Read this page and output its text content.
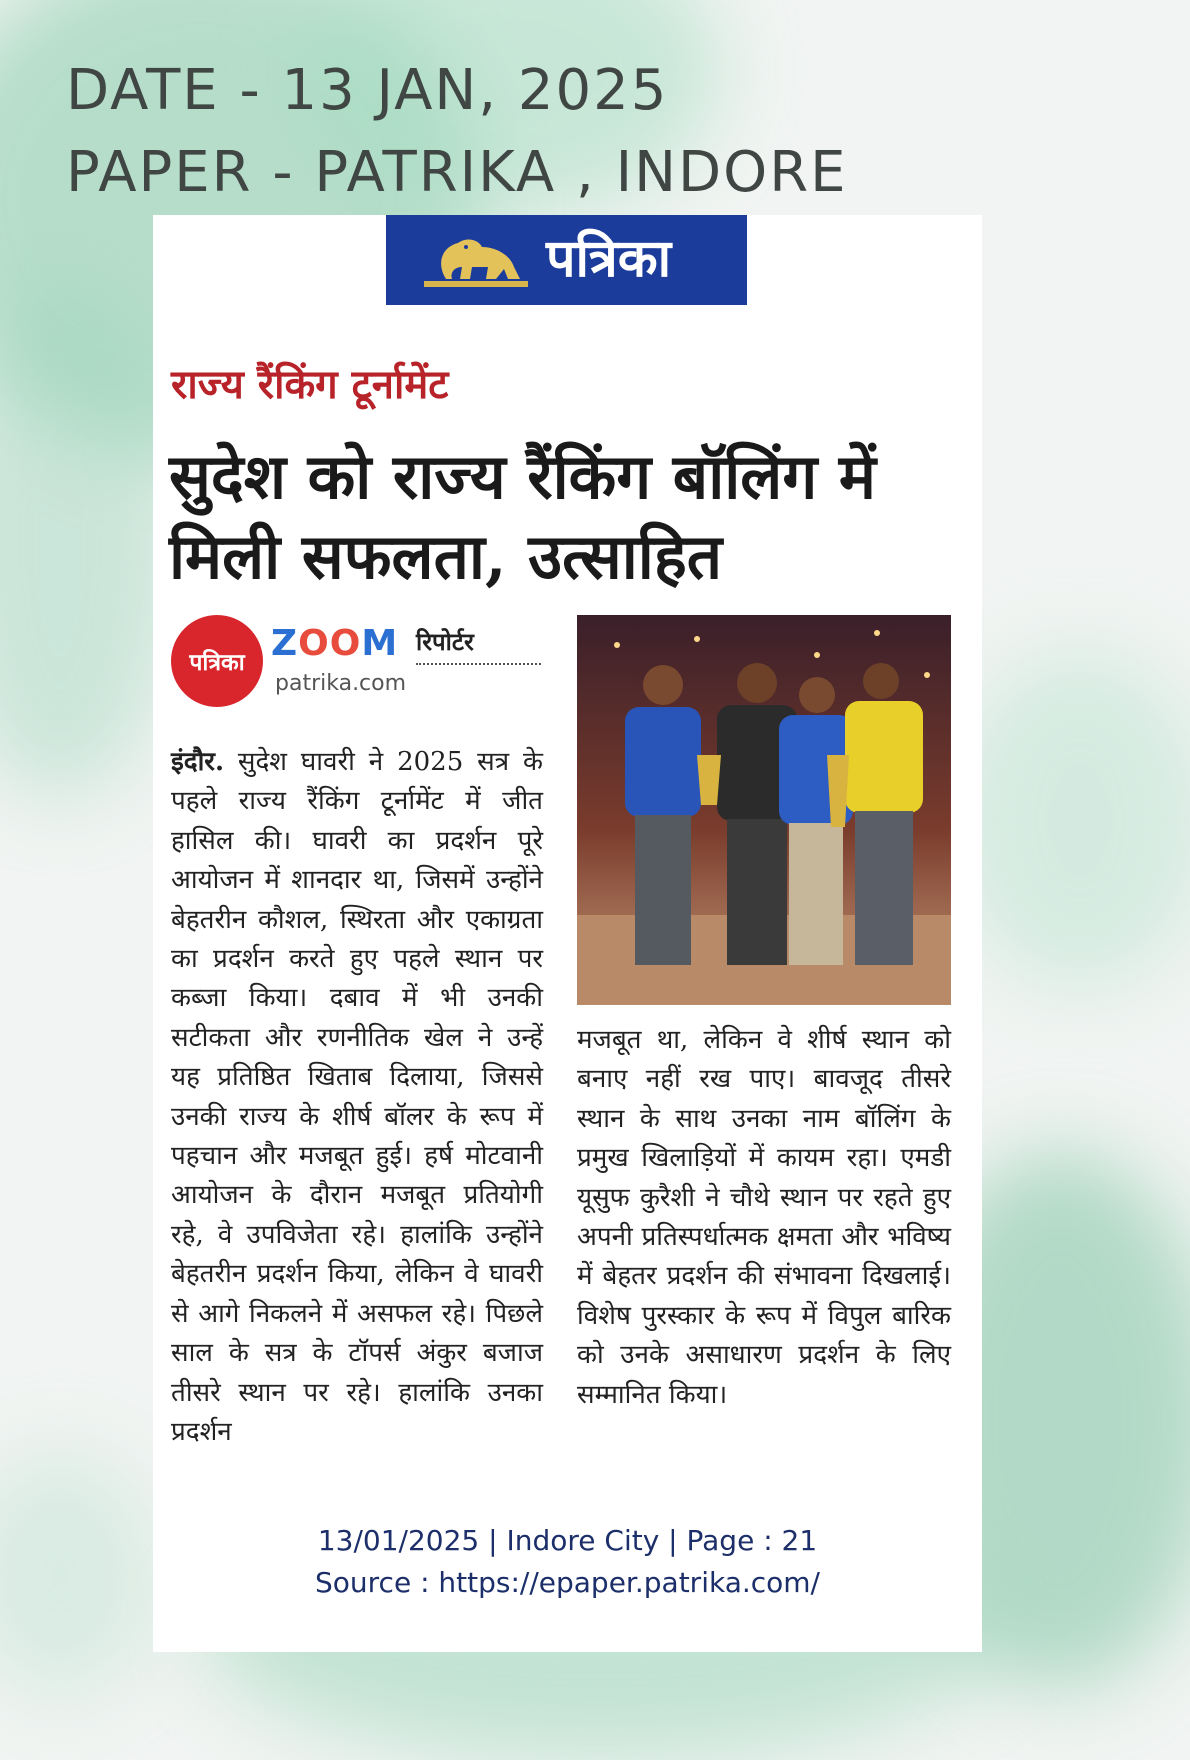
DATE - 13 JAN, 2025
PAPER - PATRIKA , INDORE
पत्रिका
राज्य रैंकिंग टूर्नामेंट
सुदेश को राज्य रैंकिंग बॉलिंग में मिली सफलता, उत्साहित
पत्रिका ZOOM रिपोर्टर
patrika.com
इंदौर. सुदेश घावरी ने 2025 सत्र के पहले राज्य रैंकिंग टूर्नामेंट में जीत हासिल की। घावरी का प्रदर्शन पूरे आयोजन में शानदार था, जिसमें उन्होंने बेहतरीन कौशल, स्थिरता और एकाग्रता का प्रदर्शन करते हुए पहले स्थान पर कब्जा किया। दबाव में भी उनकी सटीकता और रणनीतिक खेल ने उन्हें यह प्रतिष्ठित खिताब दिलाया, जिससे उनकी राज्य के शीर्ष बॉलर के रूप में पहचान और मजबूत हुई। हर्ष मोटवानी आयोजन के दौरान मजबूत प्रतियोगी रहे, वे उपविजेता रहे। हालांकि उन्होंने बेहतरीन प्रदर्शन किया, लेकिन वे घावरी से आगे निकलने में असफल रहे। पिछले साल के सत्र के टॉपर्स अंकुर बजाज तीसरे स्थान पर रहे। हालांकि उनका प्रदर्शन
मजबूत था, लेकिन वे शीर्ष स्थान को बनाए नहीं रख पाए। बावजूद तीसरे स्थान के साथ उनका नाम बॉलिंग के प्रमुख खिलाड़ियों में कायम रहा। एमडी यूसुफ कुरैशी ने चौथे स्थान पर रहते हुए अपनी प्रतिस्पर्धात्मक क्षमता और भविष्य में बेहतर प्रदर्शन की संभावना दिखलाई। विशेष पुरस्कार के रूप में विपुल बारिक को उनके असाधारण प्रदर्शन के लिए सम्मानित किया।
13/01/2025 | Indore City | Page : 21
Source : https://epaper.patrika.com/
